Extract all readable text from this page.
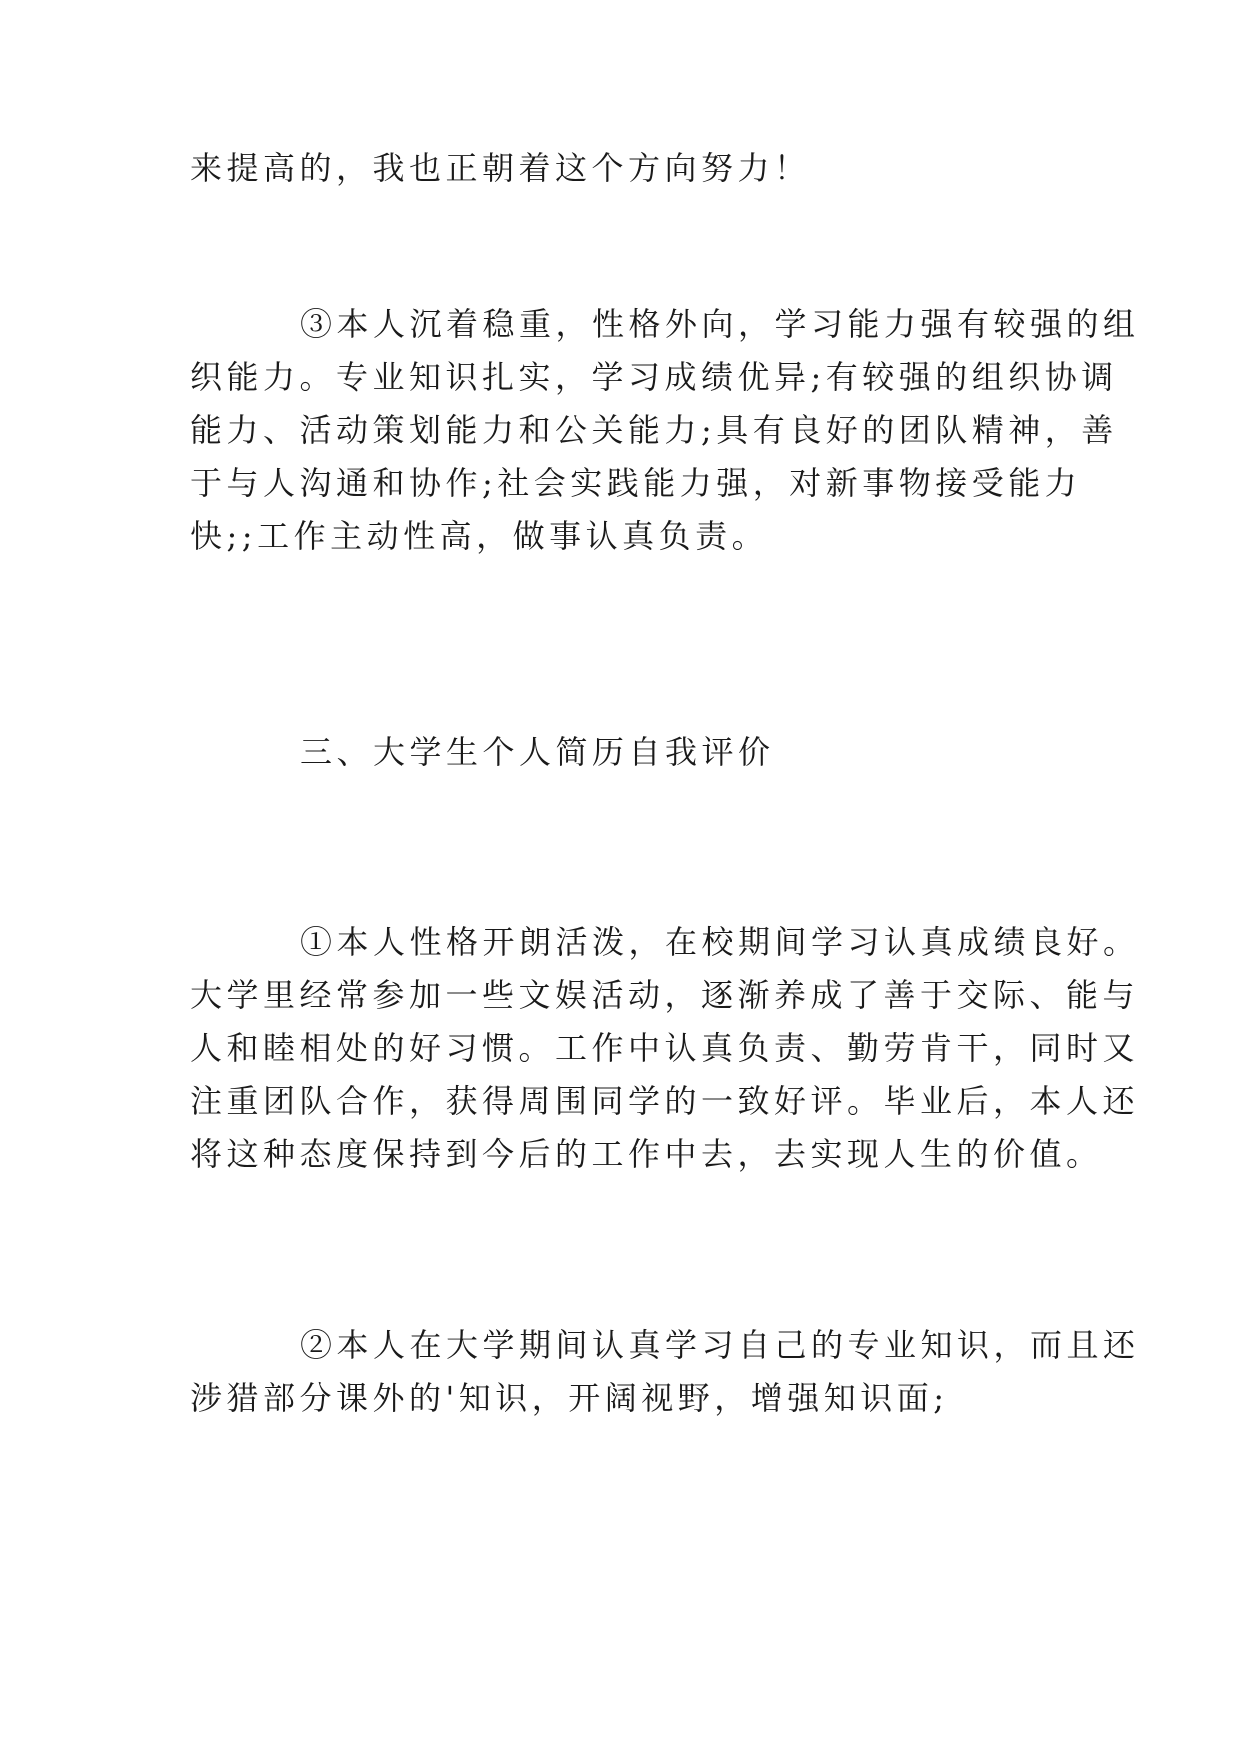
来提高的，我也正朝着这个方向努力！

③本人沉着稳重，性格外向，学习能力强有较强的组

织能力。专业知识扎实，学习成绩优异;有较强的组织协调

能力、活动策划能力和公关能力;具有良好的团队精神，善

于与人沟通和协作;社会实践能力强，对新事物接受能力

快;;工作主动性高，做事认真负责。

三、大学生个人简历自我评价

①本人性格开朗活泼，在校期间学习认真成绩良好。

大学里经常参加一些文娱活动，逐渐养成了善于交际、能与

人和睦相处的好习惯。工作中认真负责、勤劳肯干，同时又

注重团队合作，获得周围同学的一致好评。毕业后，本人还

将这种态度保持到今后的工作中去，去实现人生的价值。

②本人在大学期间认真学习自己的专业知识，而且还

涉猎部分课外的'知识，开阔视野，增强知识面;
